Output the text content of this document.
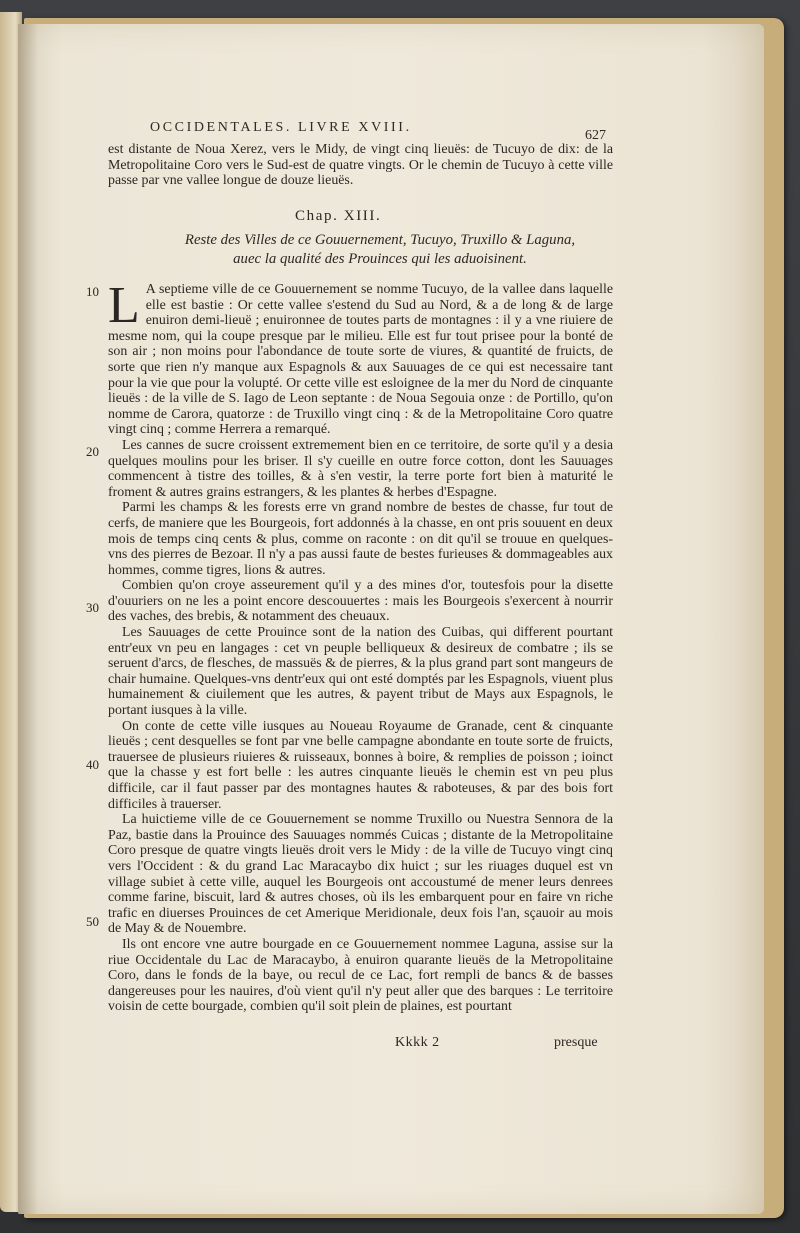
OCCIDENTALES. LIVRE XVIII.
627

est distante de Noua Xerez, vers le Midy, de vingt cinq lieuës: de Tucuyo de dix: de la Metropolitaine Coro vers le Sud-est de quatre vingts. Or le chemin de Tucuyo à cette ville passe par vne vallee longue de douze lieuës.

Chap. XIII.
Reste des Villes de ce Gouuernement, Tucuyo, Truxillo & Laguna,
auec la qualité des Prouinces qui les aduoisinent.
10
20
30
40
50

L A septieme ville de ce Gouuernement se nomme Tucuyo, de la vallee dans laquelle elle est bastie : Or cette vallee s'estend du Sud au Nord, & a de long & de large enuiron demi-lieuë ; enuironnee de toutes parts de montagnes : il y a vne riuiere de mesme nom, qui la coupe presque par le milieu. Elle est fur tout prisee pour la bonté de son air ; non moins pour l'abondance de toute sorte de viures, & quantité de fruicts, de sorte que rien n'y manque aux Espagnols & aux Sauuages de ce qui est necessaire tant pour la vie que pour la volupté. Or cette ville est esloignee de la mer du Nord de cinquante lieuës : de la ville de S. Iago de Leon septante : de Noua Segouia onze : de Portillo, qu'on nomme de Carora, quatorze : de Truxillo vingt cinq : & de la Metropolitaine Coro quatre vingt cinq ; comme Herrera a remarqué.

Les cannes de sucre croissent extremement bien en ce territoire, de sorte qu'il y a desia quelques moulins pour les briser. Il s'y cueille en outre force cotton, dont les Sauuages commencent à tistre des toilles, & à s'en vestir, la terre porte fort bien à maturité le froment & autres grains estrangers, & les plantes & herbes d'Espagne.

Parmi les champs & les forests erre vn grand nombre de bestes de chasse, fur tout de cerfs, de maniere que les Bourgeois, fort addonnés à la chasse, en ont pris souuent en deux mois de temps cinq cents & plus, comme on raconte : on dit qu'il se trouue en quelques-vns des pierres de Bezoar. Il n'y a pas aussi faute de bestes furieuses & dommageables aux hommes, comme tigres, lions & autres.

Combien qu'on croye asseurement qu'il y a des mines d'or, toutesfois pour la disette d'ouuriers on ne les a point encore descouuertes : mais les Bourgeois s'exercent à nourrir des vaches, des brebis, & notamment des cheuaux.

Les Sauuages de cette Prouince sont de la nation des Cuibas, qui different pourtant entr'eux vn peu en langages : cet vn peuple belliqueux & desireux de combatre ; ils se seruent d'arcs, de flesches, de massuës & de pierres, & la plus grand part sont mangeurs de chair humaine. Quelques-vns dentr'eux qui ont esté domptés par les Espagnols, viuent plus humainement & ciuilement que les autres, & payent tribut de Mays aux Espagnols, le portant iusques à la ville.

On conte de cette ville iusques au Noueau Royaume de Granade, cent & cinquante lieuës ; cent desquelles se font par vne belle campagne abondante en toute sorte de fruicts, trauersee de plusieurs riuieres & ruisseaux, bonnes à boire, & remplies de poisson ; ioinct que la chasse y est fort belle : les autres cinquante lieuës le chemin est vn peu plus difficile, car il faut passer par des montagnes hautes & raboteuses, & par des bois fort difficiles à trauerser.

La huictieme ville de ce Gouuernement se nomme Truxillo ou Nuestra Sennora de la Paz, bastie dans la Prouince des Sauuages nommés Cuicas ; distante de la Metropolitaine Coro presque de quatre vingts lieuës droit vers le Midy : de la ville de Tucuyo vingt cinq vers l'Occident : & du grand Lac Maracaybo dix huict ; sur les riuages duquel est vn village subiet à cette ville, auquel les Bourgeois ont accoustumé de mener leurs denrees comme farine, biscuit, lard & autres choses, où ils les embarquent pour en faire vn riche trafic en diuerses Prouinces de cet Amerique Meridionale, deux fois l'an, sçauoir au mois de May & de Nouembre.

Ils ont encore vne autre bourgade en ce Gouuernement nommee Laguna, assise sur la riue Occidentale du Lac de Maracaybo, à enuiron quarante lieuës de la Metropolitaine Coro, dans le fonds de la baye, ou recul de ce Lac, fort rempli de bancs & de basses dangereuses pour les nauires, d'où vient qu'il n'y peut aller que des barques : Le territoire voisin de cette bourgade, combien qu'il soit plein de plaines, est pourtant

Kkkk 2	presque
